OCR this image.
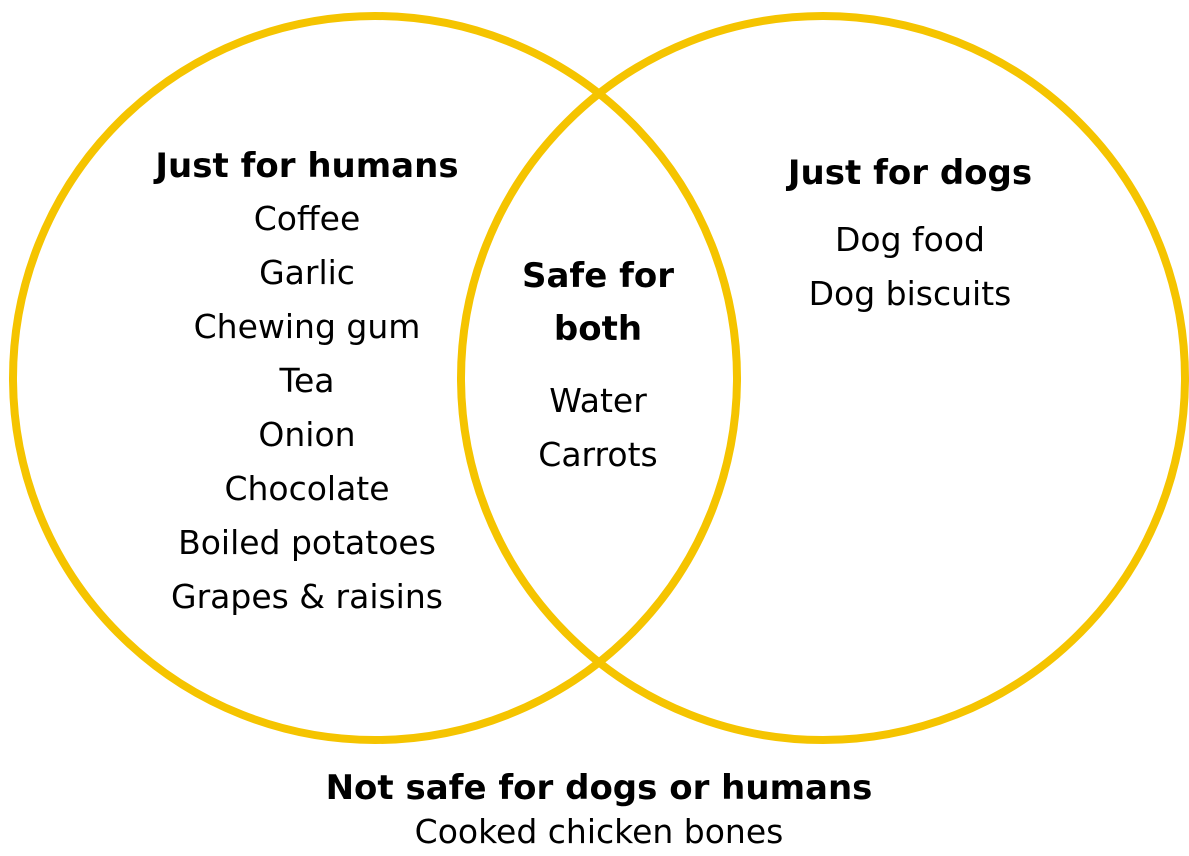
Just for humans
Coffee
Garlic
Chewing gum
Tea
Onion
Chocolate
Boiled potatoes
Grapes & raisins
Safe for
both
Water
Carrots
Just for dogs
Dog food
Dog biscuits
Not safe for dogs or humans
Cooked chicken bones
